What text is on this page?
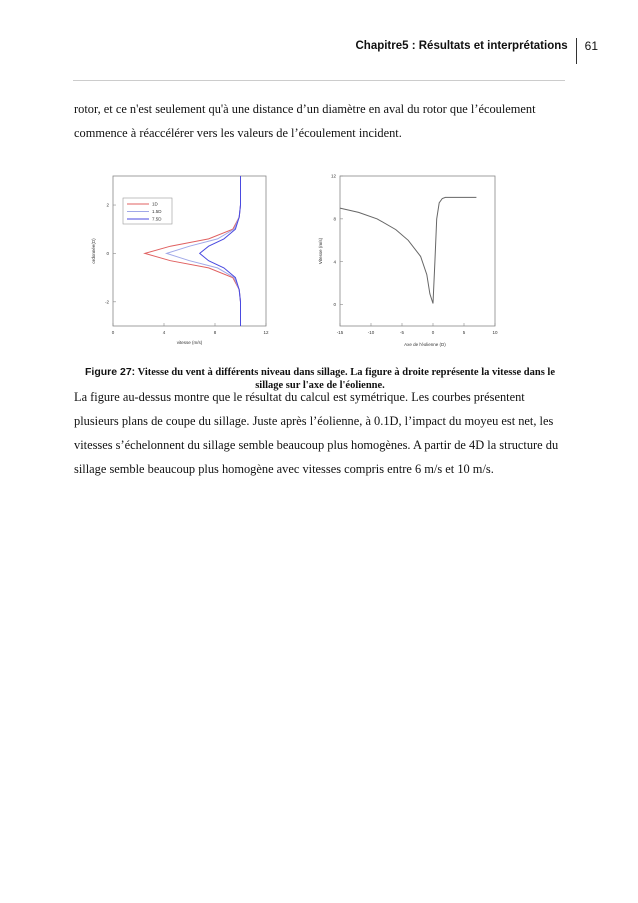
Chapitre5 : Résultats et interprétations	61

rotor, et ce n'est seulement qu'à une distance d’un diamètre en aval du rotor que l’écoulement commence à réaccélérer vers les valeurs de l’écoulement incident.

0	4	8	12
2
0
-2
1D
1.5D
7.5D
vitesse (m/s)
ordonnée(D)
-15	-10	-5	0	5	10
12
8
4
0
Axe de l'éolienne (D)
Vitesse (m/s)
Figure 27: Vitesse du vent à différents niveau dans sillage. La figure à droite représente la vitesse dans le sillage sur l'axe de l'éolienne.

La figure au-dessus montre que le résultat du calcul est symétrique. Les courbes présentent plusieurs plans de coupe du sillage. Juste après l’éolienne, à 0.1D, l’impact du moyeu est net, les vitesses s’échelonnent du sillage semble beaucoup plus homogènes. A partir de 4D la structure du sillage semble beaucoup plus homogène avec vitesses compris entre 6 m/s et 10 m/s.
